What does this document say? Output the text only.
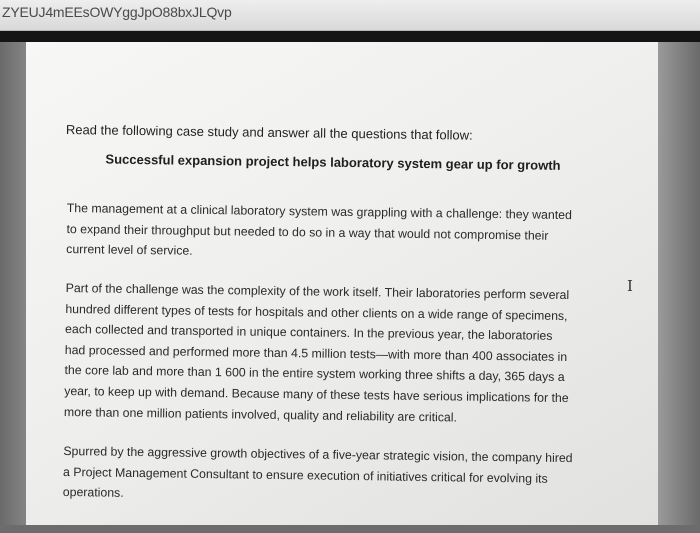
ZYEUJ4mEEsOWYggJpO88bxJLQvp
Read the following case study and answer all the questions that follow:
Successful expansion project helps laboratory system gear up for growth
The management at a clinical laboratory system was grappling with a challenge: they wanted
to expand their throughput but needed to do so in a way that would not compromise their
current level of service.
Part of the challenge was the complexity of the work itself. Their laboratories perform several
hundred different types of tests for hospitals and other clients on a wide range of specimens,
each collected and transported in unique containers. In the previous year, the laboratories
had processed and performed more than 4.5 million tests—with more than 400 associates in
the core lab and more than 1 600 in the entire system working three shifts a day, 365 days a
year, to keep up with demand. Because many of these tests have serious implications for the
more than one million patients involved, quality and reliability are critical.
Spurred by the aggressive growth objectives of a five-year strategic vision, the company hired
a Project Management Consultant to ensure execution of initiatives critical for evolving its
operations.
I
